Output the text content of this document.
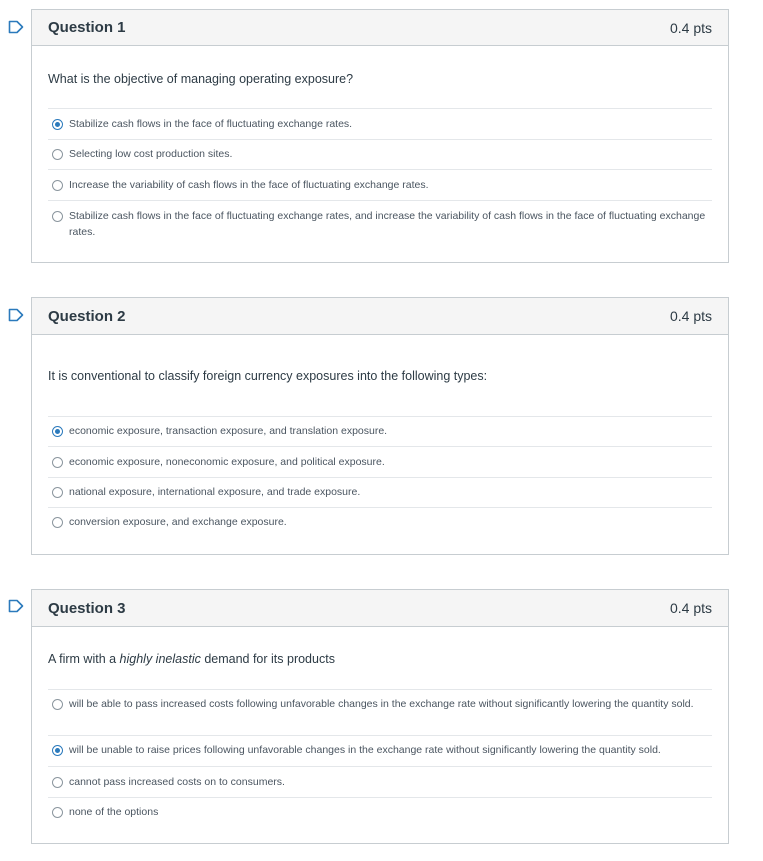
Question 1	0.4 pts
What is the objective of managing operating exposure?
Stabilize cash flows in the face of fluctuating exchange rates.
Selecting low cost production sites.
Increase the variability of cash flows in the face of fluctuating exchange rates.
Stabilize cash flows in the face of fluctuating exchange rates, and increase the variability of cash flows in the face of fluctuating exchange rates.
Question 2	0.4 pts
It is conventional to classify foreign currency exposures into the following types:
economic exposure, transaction exposure, and translation exposure.
economic exposure, noneconomic exposure, and political exposure.
national exposure, international exposure, and trade exposure.
conversion exposure, and exchange exposure.
Question 3	0.4 pts
A firm with a highly inelastic demand for its products
will be able to pass increased costs following unfavorable changes in the exchange rate without significantly lowering the quantity sold.
will be unable to raise prices following unfavorable changes in the exchange rate without significantly lowering the quantity sold.
cannot pass increased costs on to consumers.
none of the options
